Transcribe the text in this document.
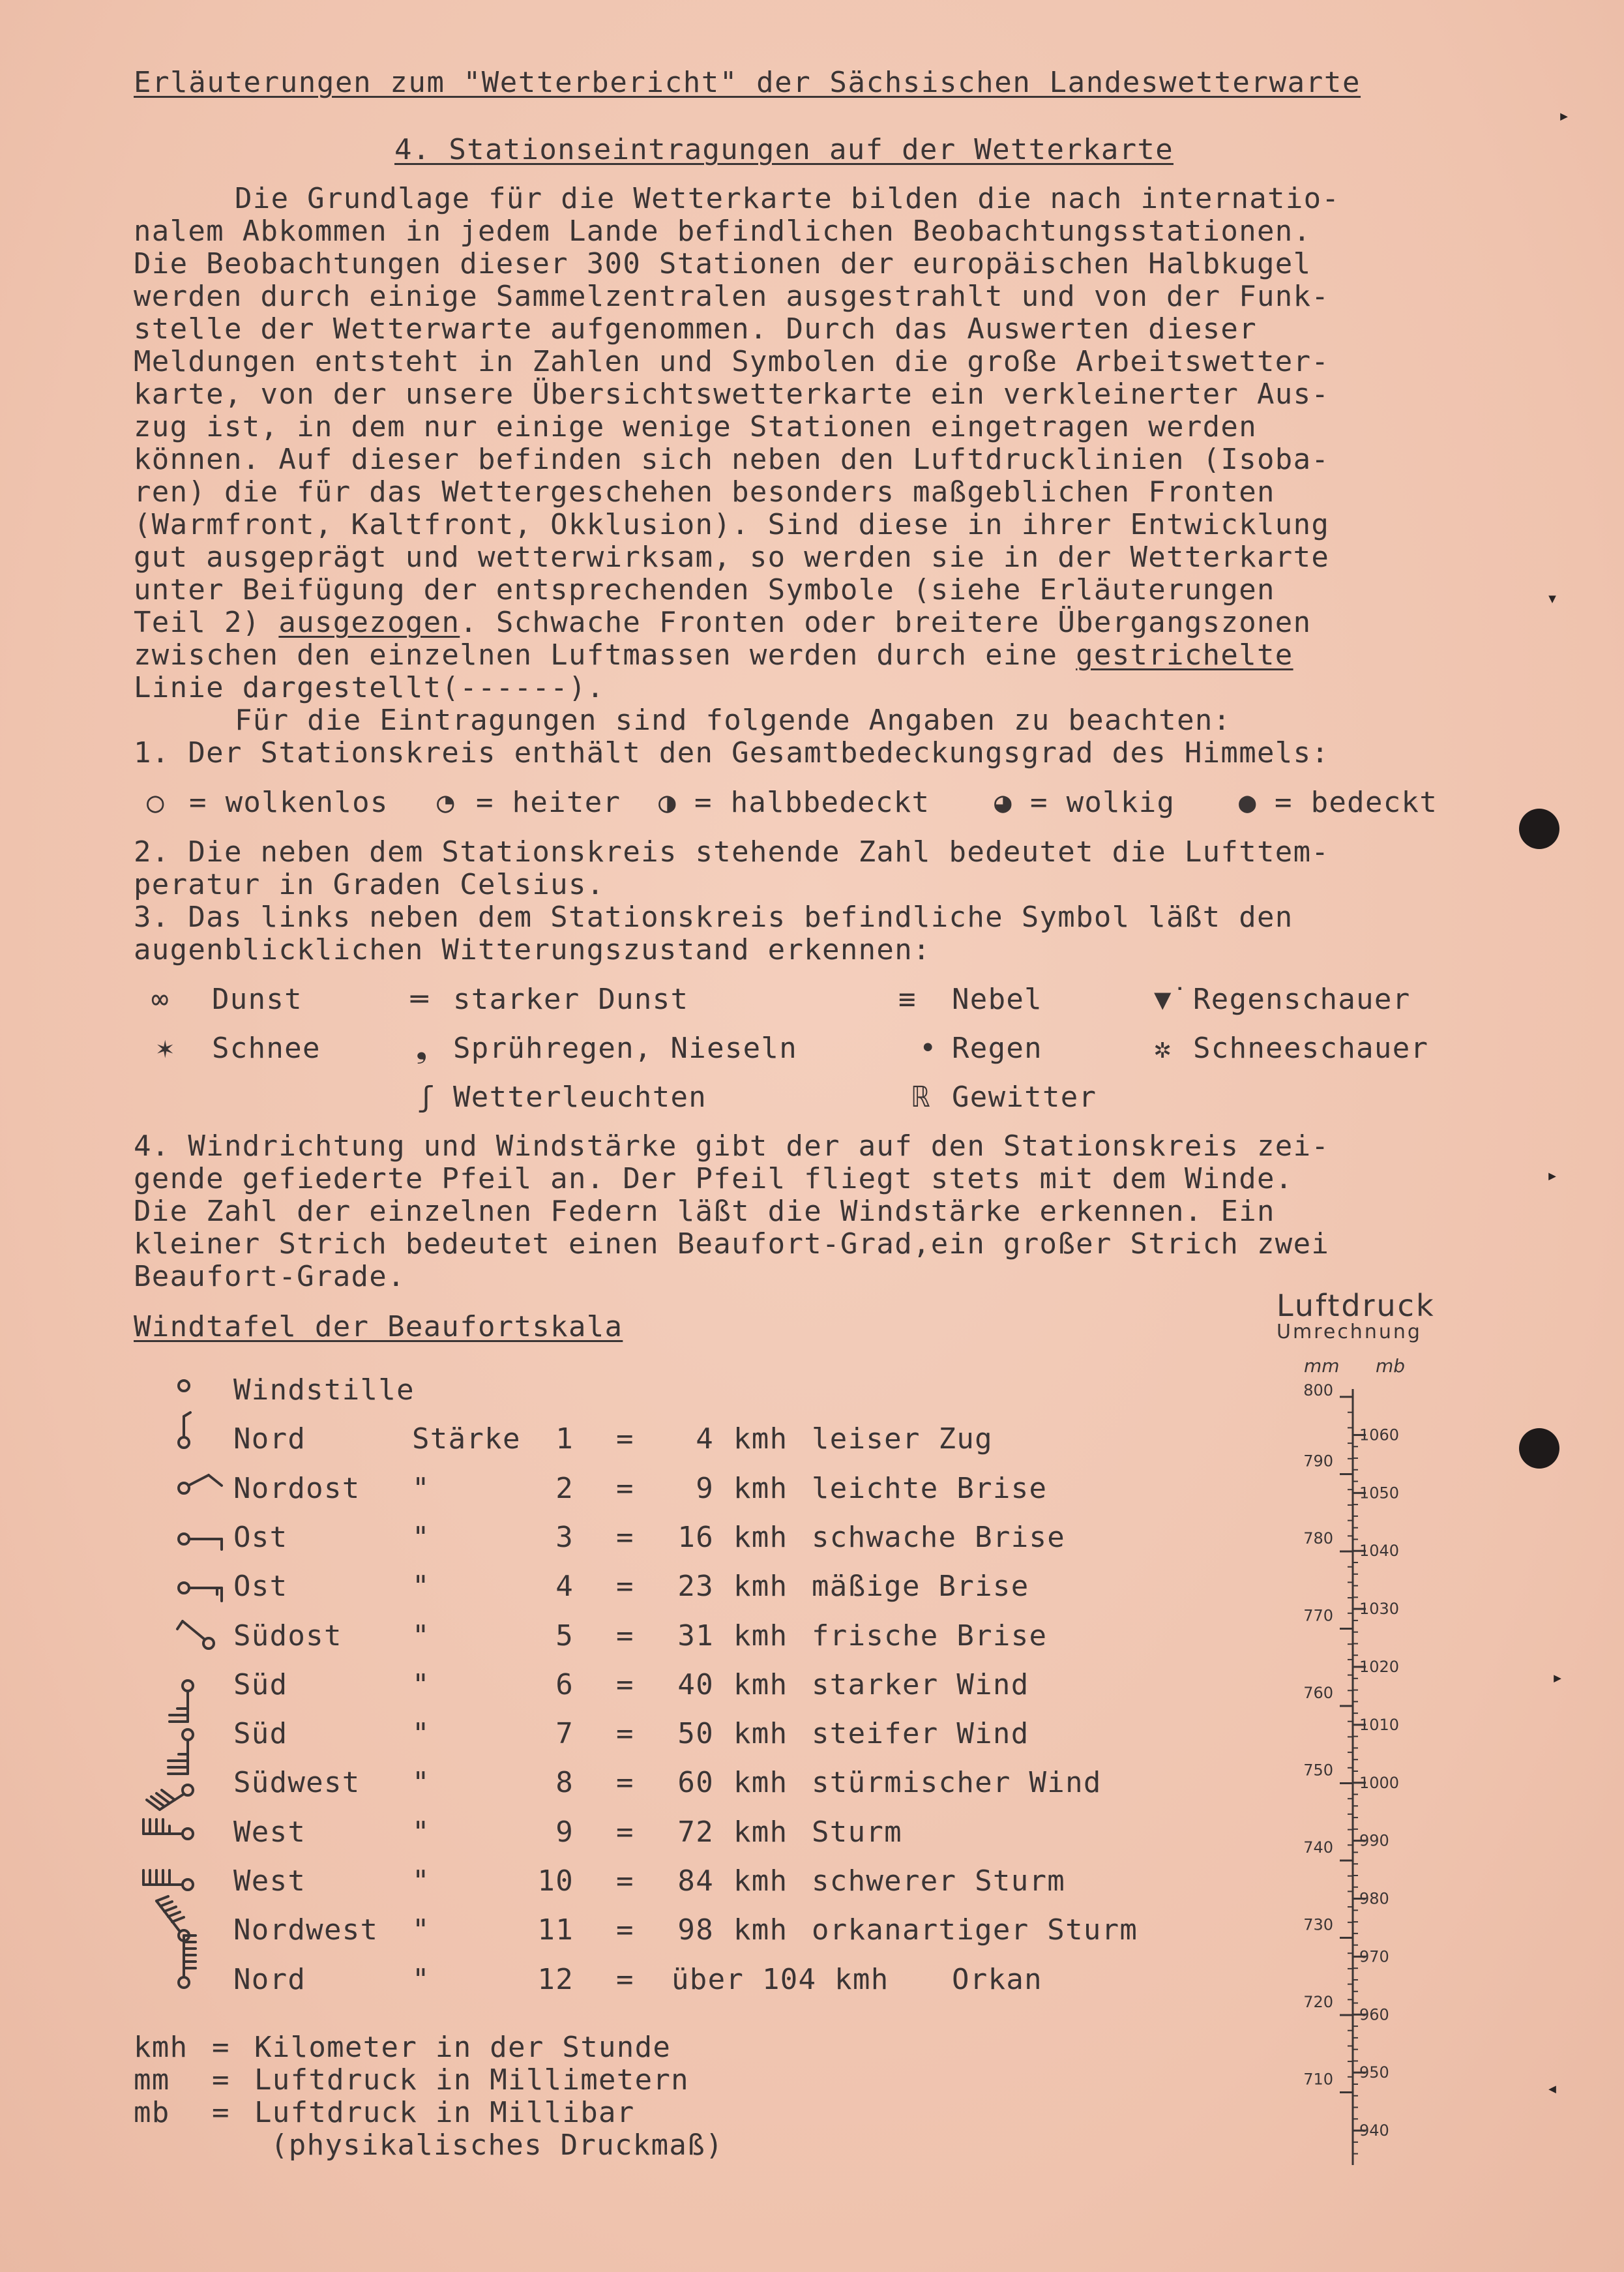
Erläuterungen zum "Wetterbericht" der Sächsischen Landeswetterwarte
4. Stationseintragungen auf der Wetterkarte
Die Grundlage für die Wetterkarte bilden die nach internatio-
nalem Abkommen in jedem Lande befindlichen Beobachtungsstationen.
Die Beobachtungen dieser 300 Stationen der europäischen Halbkugel
werden durch einige Sammelzentralen ausgestrahlt und von der Funk-
stelle der Wetterwarte aufgenommen. Durch das Auswerten dieser
Meldungen entsteht in Zahlen und Symbolen die große Arbeitswetter-
karte, von der unsere Übersichtswetterkarte ein verkleinerter Aus-
zug ist, in dem nur einige wenige Stationen eingetragen werden
können. Auf dieser befinden sich neben den Luftdrucklinien (Isoba-
ren) die für das Wettergeschehen besonders maßgeblichen Fronten
(Warmfront, Kaltfront, Okklusion). Sind diese in ihrer Entwicklung
gut ausgeprägt und wetterwirksam, so werden sie in der Wetterkarte
unter Beifügung der entsprechenden Symbole (siehe Erläuterungen
Teil 2) ausgezogen. Schwache Fronten oder breitere Übergangszonen
zwischen den einzelnen Luftmassen werden durch eine gestrichelte
Linie dargestellt(------).
Für die Eintragungen sind folgende Angaben zu beachten:
1. Der Stationskreis enthält den Gesamtbedeckungsgrad des Himmels:
○ = wolkenlos ◔ = heiter ◑ = halbbedeckt ◕ = wolkig ● = bedeckt
2. Die neben dem Stationskreis stehende Zahl bedeutet die Lufttem-
peratur in Graden Celsius.
3. Das links neben dem Stationskreis befindliche Symbol läßt den
augenblicklichen Witterungszustand erkennen:
∞ Dunst	═ starker Dunst	≡ Nebel	▼̇ Regenschauer
✶ Schnee	❟ Sprühregen, Nieseln	• Regen	✲ Schneeschauer
ʃ Wetterleuchten	ℝ Gewitter
4. Windrichtung und Windstärke gibt der auf den Stationskreis zei-
gende gefiederte Pfeil an. Der Pfeil fliegt stets mit dem Winde.
Die Zahl der einzelnen Federn läßt die Windstärke erkennen. Ein
kleiner Strich bedeutet einen Beaufort-Grad,ein großer Strich zwei
Beaufort-Grade.
Windtafel der Beaufortskala
Windstille
Nord	Stärke 1 = 4 kmh leiser Zug
Nordost "	2 = 9 kmh leichte Brise
Ost	"	3 = 16 kmh schwache Brise
Ost	"	4 = 23 kmh mäßige Brise
Südost "	5 = 31 kmh frische Brise
Süd	"	6 = 40 kmh starker Wind
Süd	"	7 = 50 kmh steifer Wind
Südwest "	8 = 60 kmh stürmischer Wind
West	"	9 = 72 kmh Sturm
West	"	10 = 84 kmh schwerer Sturm
Nordwest "	11 = 98 kmh orkanartiger Sturm
Nord	"	12 = über 104 kmh Orkan
kmh = Kilometer in der Stunde
mm = Luftdruck in Millimetern
mb = Luftdruck in Millibar
(physikalisches Druckmaß)
Luftdruck
Umrechnung
mm mb
800
790
780
770
760
750
740
730
720
710
1060
1050
1040
1030
1020
1010
1000
990
980
970
960
950
940
▸
▾
▸
▸
◂
